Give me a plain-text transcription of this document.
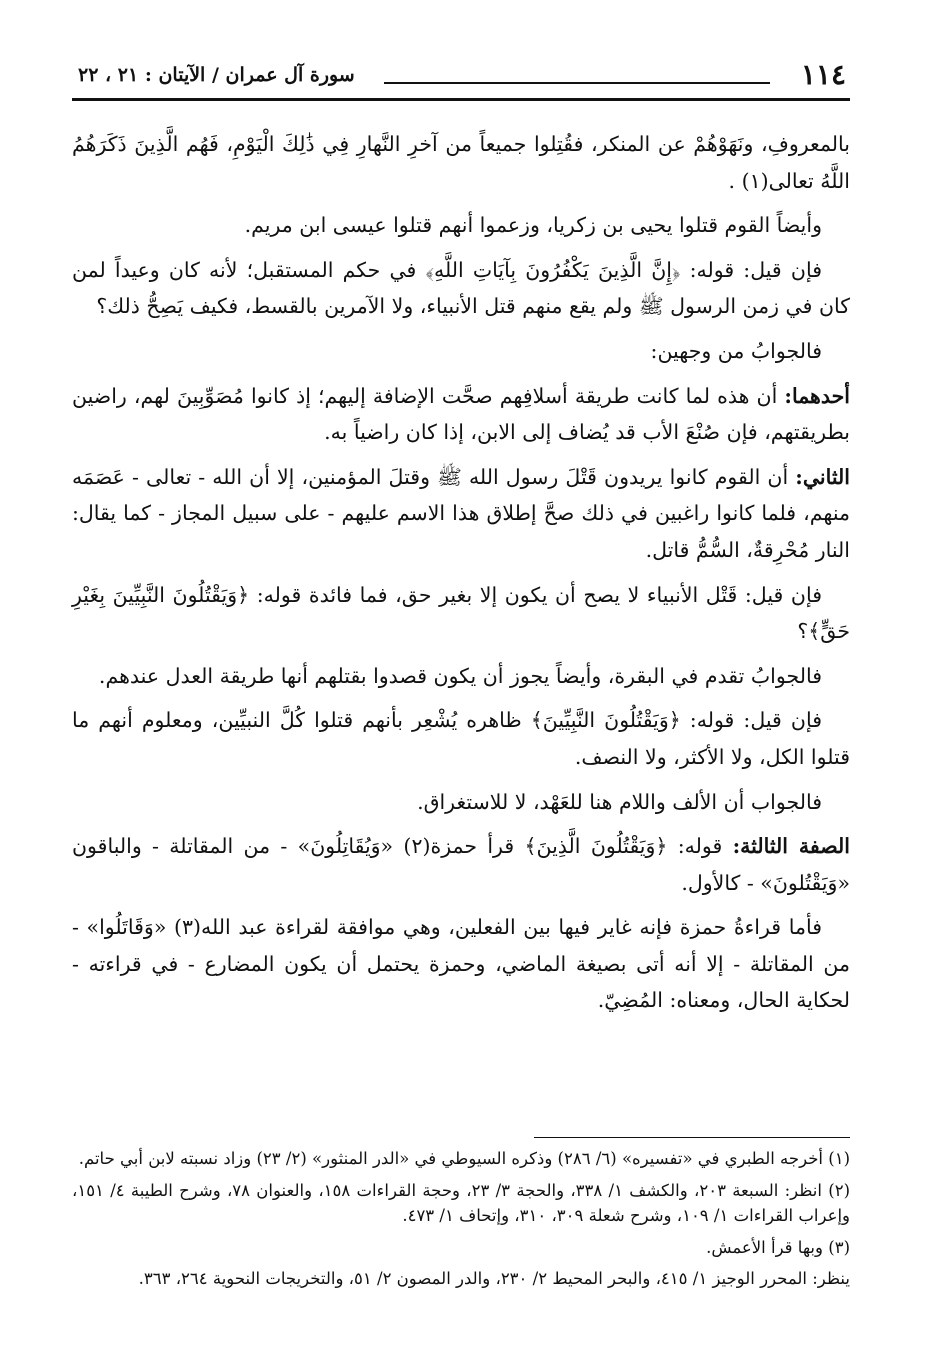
١١٤
سورة آل عمران / الآيتان : ٢١ ، ٢٢

بالمعروفِ، ونَهَوْهُمْ عن المنكر، فقُتِلوا جميعاً من آخرِ النَّهارِ فِي ذَٰلِكَ الْيَوْمِ، فَهُم الَّذِينَ ذَكَرَهُمُ اللَّهُ تعالى(١) .

وأيضاً القوم قتلوا يحيى بن زكريا، وزعموا أنهم قتلوا عيسى ابن مريم.

فإن قيل: قوله: ﴿إِنَّ الَّذِينَ يَكْفُرُونَ بِآيَاتِ اللَّهِ﴾ في حكم المستقبل؛ لأنه كان وعيداً لمن كان في زمن الرسول ﷺ ولم يقع منهم قتل الأنبياء، ولا الآمرين بالقسط، فكيف يَصِحُّ ذلك؟

فالجوابُ من وجهين:

أحدهما: أن هذه لما كانت طريقة أسلافِهم صحَّت الإضافة إليهم؛ إذ كانوا مُصَوِّبِينَ لهم، راضين بطريقتهم، فإن صُنْعَ الأب قد يُضاف إلى الابن، إذا كان راضياً به.

الثاني: أن القوم كانوا يريدون قَتْلَ رسول الله ﷺ وقتلَ المؤمنين، إلا أن الله - تعالى - عَصَمَه منهم، فلما كانوا راغبين في ذلك صحَّ إطلاق هذا الاسم عليهم - على سبيل المجاز - كما يقال: النار مُحْرِقةٌ، السُّمُّ قاتل.

فإن قيل: قَتْل الأنبياء لا يصح أن يكون إلا بغير حق، فما فائدة قوله: ﴿وَيَقْتُلُونَ النَّبِيِّينَ بِغَيْرِ حَقٍّ﴾؟

فالجوابُ تقدم في البقرة، وأيضاً يجوز أن يكون قصدوا بقتلهم أنها طريقة العدل عندهم.

فإن قيل: قوله: ﴿وَيَقْتُلُونَ النَّبِيِّينَ﴾ ظاهره يُشْعِر بأنهم قتلوا كُلَّ النبيِّين، ومعلوم أنهم ما قتلوا الكل، ولا الأكثر، ولا النصف.

فالجواب أن الألف واللام هنا للعَهْد، لا للاستغراق.

الصفة الثالثة: قوله: ﴿وَيَقْتُلُونَ الَّذِينَ﴾ قرأ حمزة(٢) «وَيُقَاتِلُونَ» - من المقاتلة - والباقون «وَيَقْتُلونَ» - كالأول.

فأما قراءةُ حمزة فإنه غاير فيها بين الفعلين، وهي موافقة لقراءة عبد الله(٣) «وَقَاتَلُوا» - من المقاتلة - إلا أنه أتى بصيغة الماضي، وحمزة يحتمل أن يكون المضارع - في قراءته - لحكاية الحال، ومعناه: المُضِيّ.

(١) أخرجه الطبري في «تفسيره» (٦/ ٢٨٦) وذكره السيوطي في «الدر المنثور» (٢/ ٢٣) وزاد نسبته لابن أبي حاتم.

(٢) انظر: السبعة ٢٠٣، والكشف ١/ ٣٣٨، والحجة ٣/ ٢٣، وحجة القراءات ١٥٨، والعنوان ٧٨، وشرح الطيبة ٤/ ١٥١، وإعراب القراءات ١/ ١٠٩، وشرح شعلة ٣٠٩، ٣١٠، وإتحاف ١/ ٤٧٣.

(٣) وبها قرأ الأعمش.

ينظر: المحرر الوجيز ١/ ٤١٥، والبحر المحيط ٢/ ٢٣٠، والدر المصون ٢/ ٥١، والتخريجات النحوية ٢٦٤، ٣٦٣.
